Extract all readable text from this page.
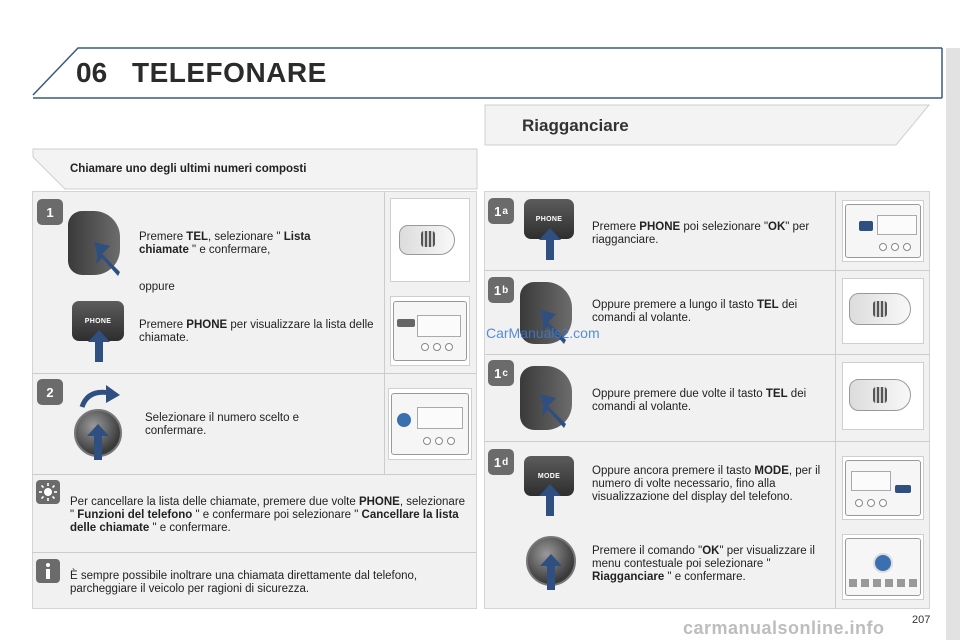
06 TELEFONARE
Riagganciare
Chiamare uno degli ultimi numeri composti
1
Premere TEL, selezionare " Lista chiamate " e confermare,
oppure
PHONE Premere PHONE per visualizzare la lista delle chiamate.
2
Selezionare il numero scelto e confermare.
Per cancellare la lista delle chiamate, premere due volte PHONE, selezionare " Funzioni del telefono " e confermare poi selezionare " Cancellare la lista delle chiamate " e confermare.
È sempre possibile inoltrare una chiamata direttamente dal telefono, parcheggiare il veicolo per ragioni di sicurezza.
1 a
PHONE
Premere PHONE poi selezionare "OK" per riagganciare.
1 b
Oppure premere a lungo il tasto TEL dei comandi al volante.
1 c
Oppure premere due volte il tasto TEL dei comandi al volante.
1 d
MODE	Oppure ancora premere il tasto MODE, per il numero di volte necessario, fino alla visualizzazione del display del telefono.
Premere il comando "OK" per visualizzare il menu contestuale poi selezionare " Riagganciare " e confermare.
CarManuals2.com
207
carmanualsonline.info
